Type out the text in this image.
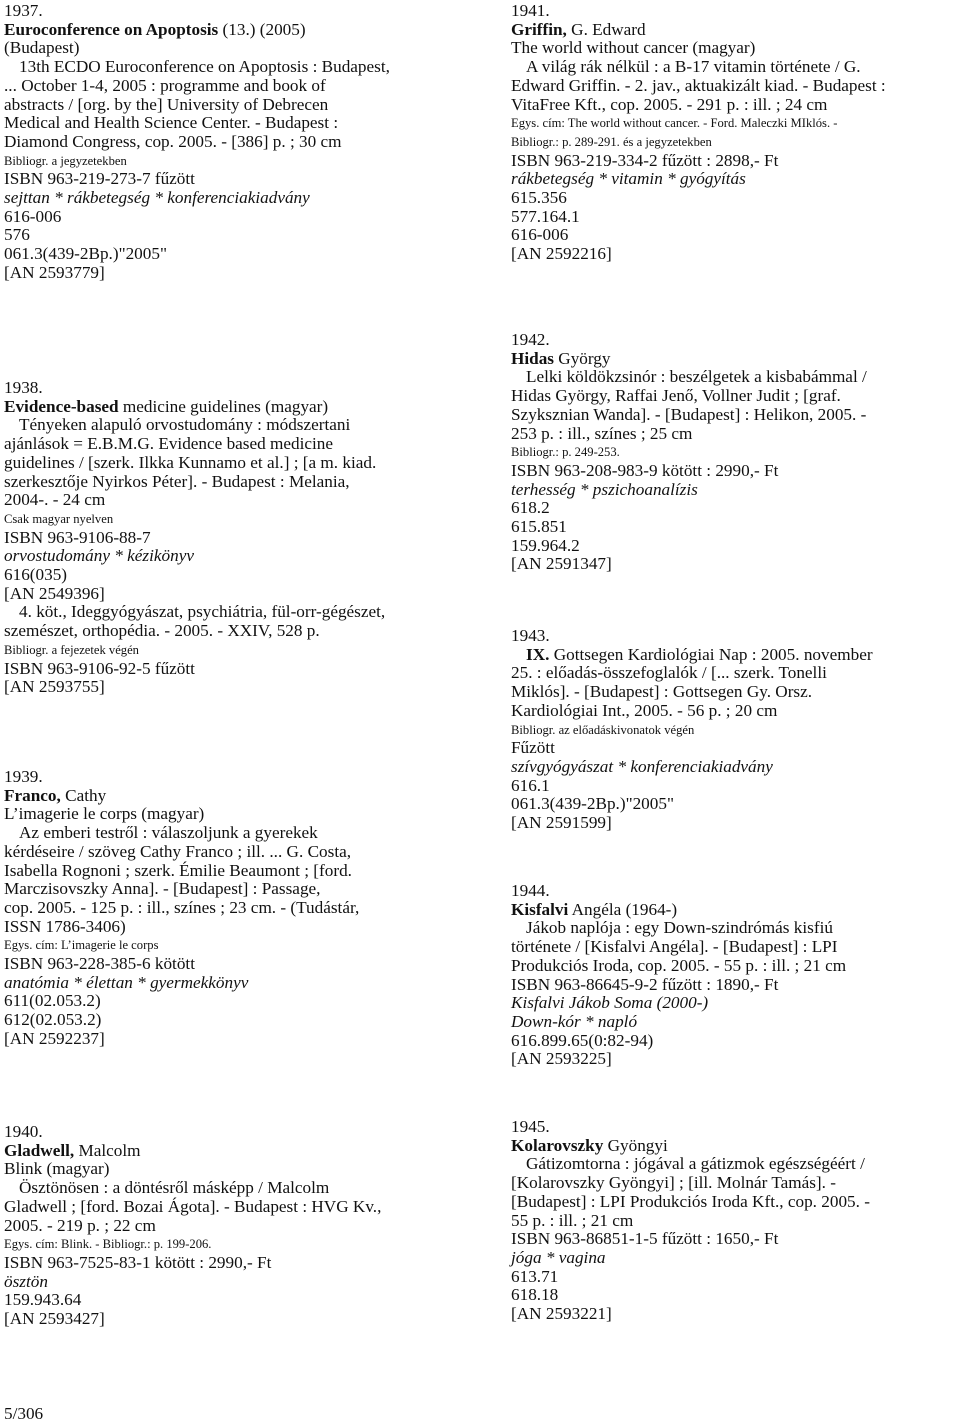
1937.
Euroconference on Apoptosis (13.) (2005)
(Budapest)
13th ECDO Euroconference on Apoptosis : Budapest,
... October 1-4, 2005 : programme and book of
abstracts / [org. by the] University of Debrecen
Medical and Health Science Center. - Budapest :
Diamond Congress, cop. 2005. - [386] p. ; 30 cm
Bibliogr. a jegyzetekben
ISBN 963-219-273-7 fűzött
sejttan * rákbetegség * konferenciakiadvány
616-006
576
061.3(439-2Bp.)"2005"
[AN 2593779]
1938.
Evidence-based medicine guidelines (magyar)
Tényeken alapuló orvostudomány : módszertani
ajánlások = E.B.M.G. Evidence based medicine
guidelines / [szerk. Ilkka Kunnamo et al.] ; [a m. kiad.
szerkesztője Nyirkos Péter]. - Budapest : Melania,
2004-. - 24 cm
Csak magyar nyelven
ISBN 963-9106-88-7
orvostudomány * kézikönyv
616(035)
[AN 2549396]
4. köt., Ideggyógyászat, psychiátria, fül-orr-gégészet,
szemészet, orthopédia. - 2005. - XXIV, 528 p.
Bibliogr. a fejezetek végén
ISBN 963-9106-92-5 fűzött
[AN 2593755]
1939.
Franco, Cathy
L’imagerie le corps (magyar)
Az emberi testről : válaszoljunk a gyerekek
kérdéseire / szöveg Cathy Franco ; ill. ... G. Costa,
Isabella Rognoni ; szerk. Émilie Beaumont ; [ford.
Marczisovszky Anna]. - [Budapest] : Passage,
cop. 2005. - 125 p. : ill., színes ; 23 cm. - (Tudástár,
ISSN 1786-3406)
Egys. cím: L’imagerie le corps
ISBN 963-228-385-6 kötött
anatómia * élettan * gyermekkönyv
611(02.053.2)
612(02.053.2)
[AN 2592237]
1940.
Gladwell, Malcolm
Blink (magyar)
Ösztönösen : a döntésről másképp / Malcolm
Gladwell ; [ford. Bozai Ágota]. - Budapest : HVG Kv.,
2005. - 219 p. ; 22 cm
Egys. cím: Blink. - Bibliogr.: p. 199-206.
ISBN 963-7525-83-1 kötött : 2990,- Ft
ösztön
159.943.64
[AN 2593427]
1941.
Griffin, G. Edward
The world without cancer (magyar)
A világ rák nélkül : a B-17 vitamin története / G.
Edward Griffin. - 2. jav., aktuakizált kiad. - Budapest :
VitaFree Kft., cop. 2005. - 291 p. : ill. ; 24 cm
Egys. cím: The world without cancer. - Ford. Maleczki MIklós. -
Bibliogr.: p. 289-291. és a jegyzetekben
ISBN 963-219-334-2 fűzött : 2898,- Ft
rákbetegség * vitamin * gyógyítás
615.356
577.164.1
616-006
[AN 2592216]
1942.
Hidas György
Lelki köldökzsinór : beszélgetek a kisbabámmal /
Hidas György, Raffai Jenő, Vollner Judit ; [graf.
Szyksznian Wanda]. - [Budapest] : Helikon, 2005. -
253 p. : ill., színes ; 25 cm
Bibliogr.: p. 249-253.
ISBN 963-208-983-9 kötött : 2990,- Ft
terhesség * pszichoanalízis
618.2
615.851
159.964.2
[AN 2591347]
1943.
IX. Gottsegen Kardiológiai Nap : 2005. november
25. : előadás-összefoglalók / [... szerk. Tonelli
Miklós]. - [Budapest] : Gottsegen Gy. Orsz.
Kardiológiai Int., 2005. - 56 p. ; 20 cm
Bibliogr. az előadáskivonatok végén
Fűzött
szívgyógyászat * konferenciakiadvány
616.1
061.3(439-2Bp.)"2005"
[AN 2591599]
1944.
Kisfalvi Angéla (1964-)
Jákob naplója : egy Down-szindrómás kisfiú
története / [Kisfalvi Angéla]. - [Budapest] : LPI
Produkciós Iroda, cop. 2005. - 55 p. : ill. ; 21 cm
ISBN 963-86645-9-2 fűzött : 1890,- Ft
Kisfalvi Jákob Soma (2000-)
Down-kór * napló
616.899.65(0:82-94)
[AN 2593225]
1945.
Kolarovszky Gyöngyi
Gátizomtorna : jógával a gátizmok egészségéért /
[Kolarovszky Gyöngyi] ; [ill. Molnár Tamás]. -
[Budapest] : LPI Produkciós Iroda Kft., cop. 2005. -
55 p. : ill. ; 21 cm
ISBN 963-86851-1-5 fűzött : 1650,- Ft
jóga * vagina
613.71
618.18
[AN 2593221]
5/306
